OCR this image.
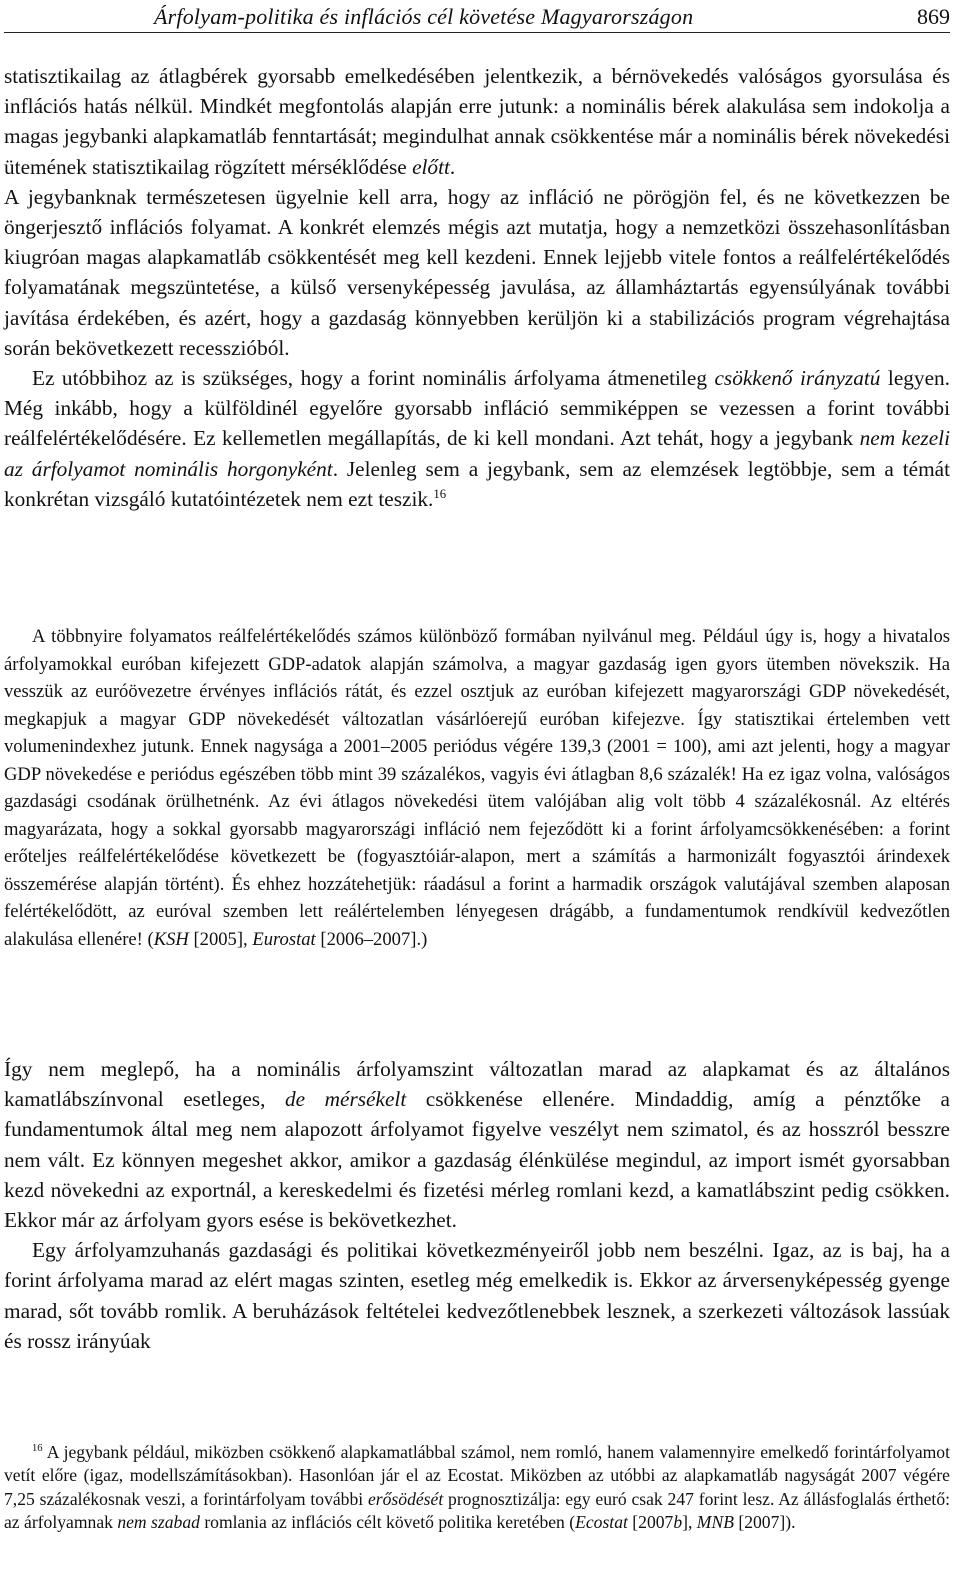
Árfolyam-politika és inflációs cél követése Magyarországon	869

statisztikailag az átlagbérek gyorsabb emelkedésében jelentkezik, a bérnövekedés valóságos gyorsulása és inflációs hatás nélkül. Mindkét megfontolás alapján erre jutunk: a nominális bérek alakulása sem indokolja a magas jegybanki alapkamatláb fenntartását; megindulhat annak csökkentése már a nominális bérek növekedési ütemének statisztikailag rögzített mérséklődése előtt.

A jegybanknak természetesen ügyelnie kell arra, hogy az infláció ne pörögjön fel, és ne következzen be öngerjesztő inflációs folyamat. A konkrét elemzés mégis azt mutatja, hogy a nemzetközi összehasonlításban kiugróan magas alapkamatláb csökkentését meg kell kezdeni. Ennek lejjebb vitele fontos a reálfelértékelődés folyamatának megszüntetése, a külső versenyképesség javulása, az államháztartás egyensúlyának további javítása érdekében, és azért, hogy a gazdaság könnyebben kerüljön ki a stabilizációs program végrehajtása során bekövetkezett recesszióból.

Ez utóbbihoz az is szükséges, hogy a forint nominális árfolyama átmenetileg csökkenő irányzatú legyen. Még inkább, hogy a külföldinél egyelőre gyorsabb infláció semmiképpen se vezessen a forint további reálfelértékelődésére. Ez kellemetlen megállapítás, de ki kell mondani. Azt tehát, hogy a jegybank nem kezeli az árfolyamot nominális horgonyként. Jelenleg sem a jegybank, sem az elemzések legtöbbje, sem a témát konkrétan vizsgáló kutatóintézetek nem ezt teszik.$^{16}$

A többnyire folyamatos reálfelértékelődés számos különböző formában nyilvánul meg. Például úgy is, hogy a hivatalos árfolyamokkal euróban kifejezett GDP-adatok alapján számolva, a magyar gazdaság igen gyors ütemben növekszik. Ha vesszük az euróövezetre érvényes inflációs rátát, és ezzel osztjuk az euróban kifejezett magyarországi GDP növekedését, megkapjuk a magyar GDP növekedését változatlan vásárlóerejű euróban kifejezve. Így statisztikai értelemben vett volumenindexhez jutunk. Ennek nagysága a 2001–2005 periódus végére 139,3 (2001 = 100), ami azt jelenti, hogy a magyar GDP növekedése e periódus egészében több mint 39 százalékos, vagyis évi átlagban 8,6 százalék! Ha ez igaz volna, valóságos gazdasági csodának örülhetnénk. Az évi átlagos növekedési ütem valójában alig volt több 4 százalékosnál. Az eltérés magyarázata, hogy a sokkal gyorsabb magyarországi infláció nem fejeződött ki a forint árfolyamcsökkenésében: a forint erőteljes reálfelértékelődése következett be (fogyasztóiár-alapon, mert a számítás a harmonizált fogyasztói árindexek összemérése alapján történt). És ehhez hozzátehetjük: ráadásul a forint a harmadik országok valutájával szemben alaposan felértékelődött, az euróval szemben lett reálértelemben lényegesen drágább, a fundamentumok rendkívül kedvezőtlen alakulása ellenére! (KSH [2005], Eurostat [2006–2007].)

Így nem meglepő, ha a nominális árfolyamszint változatlan marad az alapkamat és az általános kamatlábszínvonal esetleges, de mérsékelt csökkenése ellenére. Mindaddig, amíg a pénztőke a fundamentumok által meg nem alapozott árfolyamot figyelve veszélyt nem szimatol, és az hosszról besszre nem vált. Ez könnyen megeshet akkor, amikor a gazdaság élénkülése megindul, az import ismét gyorsabban kezd növekedni az exportnál, a kereskedelmi és fizetési mérleg romlani kezd, a kamatlábszint pedig csökken. Ekkor már az árfolyam gyors esése is bekövetkezhet.

Egy árfolyamzuhanás gazdasági és politikai következményeiről jobb nem beszélni. Igaz, az is baj, ha a forint árfolyama marad az elért magas szinten, esetleg még emelkedik is. Ekkor az árversenyképesség gyenge marad, sőt tovább romlik. A beruházások feltételei kedvezőtlenebbek lesznek, a szerkezeti változások lassúak és rossz irányúak

$^{16}$ A jegybank például, miközben csökkenő alapkamatlábbal számol, nem romló, hanem valamennyire emelkedő forintárfolyamot vetít előre (igaz, modellszámításokban). Hasonlóan jár el az Ecostat. Miközben az utóbbi az alapkamatláb nagyságát 2007 végére 7,25 százalékosnak veszi, a forintárfolyam további erősödését prognosztizálja: egy euró csak 247 forint lesz. Az állásfoglalás érthető: az árfolyamnak nem szabad romlania az inflációs célt követő politika keretében (Ecostat [2007b], MNB [2007]).
